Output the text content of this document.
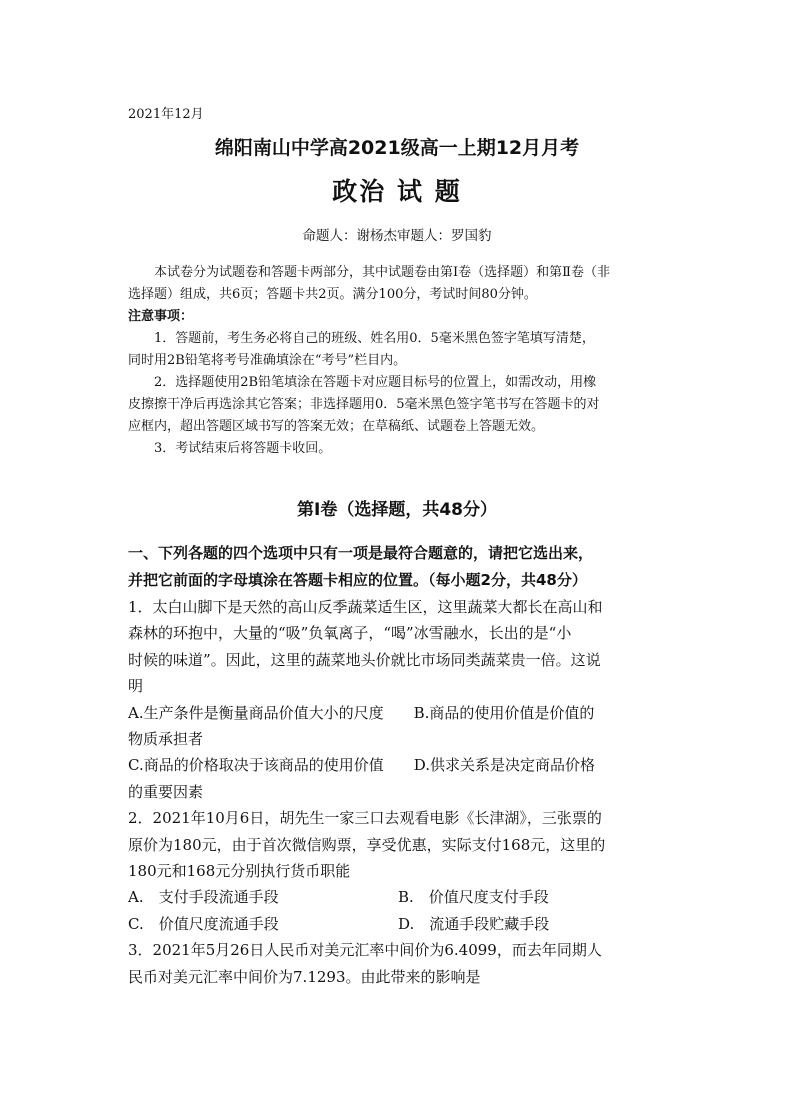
2021年12月
绵阳南山中学高2021级高一上期12月月考
政治 试 题
命题人：谢杨杰审题人：罗国豹

本试卷分为试题卷和答题卡两部分，其中试题卷由第Ⅰ卷（选择题）和第Ⅱ卷（非

选择题）组成，共6页；答题卡共2页。满分100分，考试时间80分钟。

注意事项：

1．答题前，考生务必将自己的班级、姓名用0．5毫米黑色签字笔填写清楚，

同时用2B铅笔将考号准确填涂在“考号”栏目内。

2．选择题使用2B铅笔填涂在答题卡对应题目标号的位置上，如需改动，用橡

皮擦擦干净后再选涂其它答案；非选择题用0．5毫米黑色签字笔书写在答题卡的对

应框内，超出答题区域书写的答案无效；在草稿纸、试题卷上答题无效。

3．考试结束后将答题卡收回。

第Ⅰ卷（选择题，共48分）

一、下列各题的四个选项中只有一项是最符合题意的，请把它选出来，

并把它前面的字母填涂在答题卡相应的位置。（每小题2分，共48分）

1．太白山脚下是天然的高山反季蔬菜适生区，这里蔬菜大都长在高山和

森林的环抱中，大量的“吸”负氧离子，“喝”冰雪融水，长出的是“小

时候的味道”。因此，这里的蔬菜地头价就比市场同类蔬菜贵一倍。这说

明

A.生产条件是衡量商品价值大小的尺度　　B.商品的使用价值是价值的

物质承担者

C.商品的价格取决于该商品的使用价值　　D.供求关系是决定商品价格

的重要因素

2．2021年10月6日，胡先生一家三口去观看电影《长津湖》，三张票的

原价为180元，由于首次微信购票，享受优惠，实际支付168元，这里的

180元和168元分别执行货币职能

A.　支付手段流通手段	B.　价值尺度支付手段
C.　价值尺度流通手段	D.　流通手段贮藏手段

3．2021年5月26日人民币对美元汇率中间价为6.4099，而去年同期人

民币对美元汇率中间价为7.1293。由此带来的影响是
